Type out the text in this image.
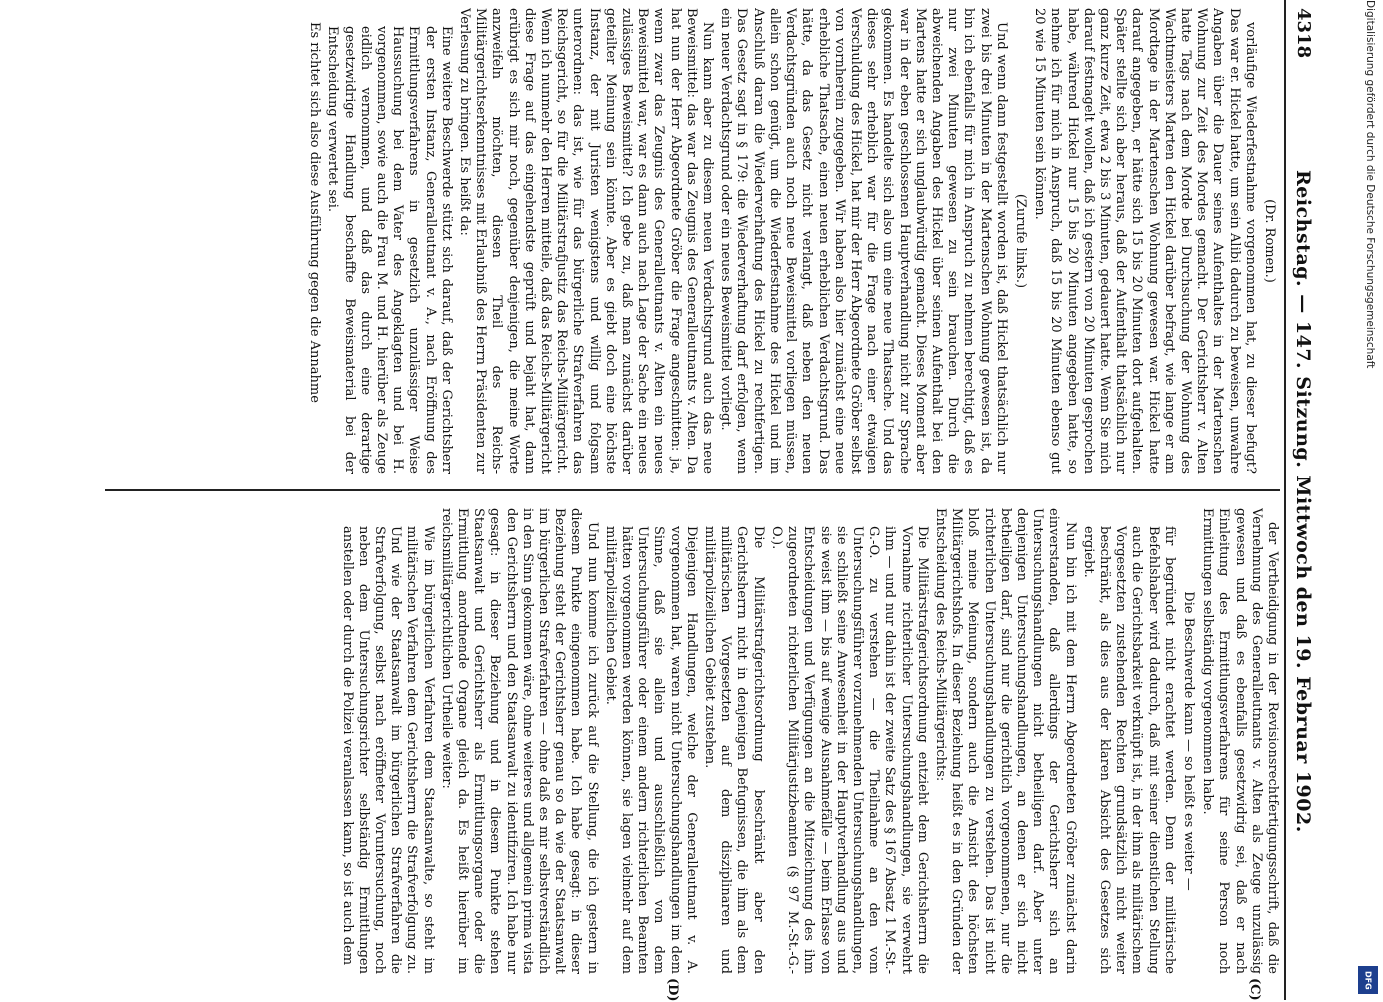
4318
Reichstag. — 147. Sitzung. Mittwoch den 19. Februar 1902.
(C)
(D)

(Dr. Romen.)

vorläufige Wiederfestnahme vorgenommen hat, zu dieser befugt? Das war er. Hickel hatte, um sein Alibi dadurch zu beweisen, unwahre Angaben über die Dauer seines Aufenthaltes in der Martenschen Wohnung zur Zeit des Mordes gemacht. Der Gerichtsherr v. Alten hatte Tags nach dem Morde bei Durchsuchung der Wohnung des Wachtmeisters Marten den Hickel darüber befragt, wie lange er am Mordtage in der Martenschen Wohnung gewesen war. Hickel hatte darauf angegeben, er hätte sich 15 bis 20 Minuten dort aufgehalten. Später stellte sich aber heraus, daß der Aufenthalt thatsächlich nur ganz kurze Zeit, etwa 2 bis 3 Minuten, gedauert hatte. Wenn Sie mich darauf festnagelt wollen, daß ich gestern von 20 Minuten gesprochen habe, während Hickel nur 15 bis 20 Minuten angegeben hatte, so nehme ich für mich in Anspruch, daß 15 bis 20 Minuten ebenso gut 20 wie 15 Minuten sein können.

(Zurufe links.)

Und wenn dann festgestellt worden ist, daß Hickel thatsächlich nur zwei bis drei Minuten in der Martenschen Wohnung gewesen ist, da bin ich ebenfalls für mich in Anspruch zu nehmen berechtigt, daß es nur zwei Minuten gewesen zu sein brauchen. Durch die abweichenden Angaben des Hickel über seinen Aufenthalt bei den Martens hatte er sich unglaubwürdig gemacht. Dieses Moment aber war in der eben geschlossenen Hauptverhandlung nicht zur Sprache gekommen. Es handelte sich also um eine neue Thatsache. Und das dieses sehr erheblich war für die Frage nach einer etwaigen Verschuldung des Hickel, hat mir der Herr Abgeordnete Gröber selbst von vornherein zugegeben. Wir haben also hier zunächst eine neue erhebliche Thatsache, einen neuen erheblichen Verdachtsgrund. Das hätte, da das Gesetz nicht verlangt, daß neben den neuen Verdachtsgründen auch noch neue Beweismittel vorliegen müssen, allein schon genügt, um die Wiederfestnahme des Hickel und im Anschluß daran die Wiederverhaftung des Hickel zu rechtfertigen. Das Gesetz sagt in § 179: die Wiederverhaftung darf erfolgen, wenn ein neuer Verdachtsgrund oder ein neues Beweismittel vorliegt.

Nun kann aber zu diesem neuen Verdachtsgrund auch das neue Beweismittel: das war das Zeugnis des Generalleutnants v. Alten. Da hat nun der Herr Abgeordnete Gröber die Frage angeschnitten: ja, wenn zwar das Zeugnis des Generalleutnants v. Alten ein neues Beweismittel war, war es dann auch nach Lage der Sache ein neues zulässiges Beweismittel? Ich gebe zu, daß man zunächst darüber geteilter Meinung sein könnte. Aber es giebt doch eine höchste Instanz, der mit Juristen wenigstens und willig und folgsam unterordnen: das ist, wie für das bürgerliche Strafverfahren das Reichsgericht, so für die Militärstrafjustiz das Reichs-Militärgericht. Wenn ich nunmehr den Herren mitteile, daß das Reichs-Militärgericht diese Frage auf das eingehendste geprüft und bejaht hat, dann erübrigt es sich mir noch, gegenüber denjenigen, die meine Worte anzweifeln möchten, diesen Theil des Reichs-Militärgerichtserkenntnisses mit Erlaubniß des Herrn Präsidenten zur Verlesung zu bringen. Es heißt da:

Eine weitere Beschwerde stützt sich darauf, daß der Gerichtsherr der ersten Instanz, Generalleutnant v. A., nach Eröffnung des Ermittlungsverfahrens in gesetzlich unzulässiger Weise Haussuchung bei dem Vater des Angeklagten und bei H. vorgenommen, sowie auch die Frau M. und H. hierüber als Zeuge eidlich vernommen, und daß das durch eine derartige gesetzwidrige Handlung beschaffte Beweismaterial bei der Entscheidung verwertet sei.

Es richtet sich also diese Ausführung gegen die Annahme

der Vertheidigung in der Revisionsrechtfertigungsschrift, daß die Vernehmung des Generalleutnants v. Alten als Zeuge unzulässig gewesen und daß es ebenfalls gesetzwidrig sei, daß er nach Einleitung des Ermittlungsverfahrens für seine Person noch Ermittlungen selbständig vorgenommen habe.

Die Beschwerde kann — so heißt es weiter —

für begründet nicht erachtet werden. Denn der militärische Befehlshaber wird dadurch, daß mit seiner dienstlichen Stellung auch die Gerichtsbarkeit verknüpft ist, in der ihm als militärischem Vorgesetzten zustehenden Rechten grundsätzlich nicht weiter beschränkt, als dies aus der klaren Absicht des Gesetzes sich ergiebt.

Nun bin ich mit dem Herrn Abgeordneten Gröber zunächst darin einverstanden, daß allerdings der Gerichtsherr sich an Untersuchungshandlungen nicht betheiligen darf. Aber unter denjenigen Untersuchungshandlungen, an denen er sich nicht betheiligen darf, sind nur die gerichtlich vorgenommenen, nur die richterlichen Untersuchungshandlungen zu verstehen. Das ist nicht bloß meine Meinung, sondern auch die Ansicht des höchsten Militärgerichtshofs. In dieser Beziehung heißt es in den Gründen der Entscheidung des Reichs-Militärgerichts:

Die Militärstrafgerichtsordnung entzieht dem Gerichtsherrn die Vornahme richterlicher Untersuchungshandlungen, sie verwehrt ihm — und nur dahin ist der zweite Satz des § 167 Absatz 1 M.-St.-G.-O. zu verstehen — die Theilnahme an den vom Untersuchungsführer vorzunehmenden Untersuchungshandlungen, sie schließt seine Anwesenheit in der Hauptverhandlung aus und sie weist ihm — bis auf wenige Ausnahmefälle — beim Erlasse von Entscheidungen und Verfügungen an die Mitzeichnung des ihm zugeordneten richterlichen Militärjustizbeamten (§ 97 M.-St.-G.-O.).

Die Militärstrafgerichtsordnung beschränkt aber den Gerichtsherrn nicht in denjenigen Befugnissen, die ihm als dem militärischen Vorgesetzten auf dem disziplinaren und militärpolizeilichen Gebiet zustehen.

Diejenigen Handlungen, welche der Generalleutnant v. A. vorgenommen hat, waren nicht Untersuchungshandlungen im dem Sinne, daß sie allein und ausschließlich von dem Untersuchungsführer oder einem andern richterlichen Beamten hätten vorgenommen werden können, sie lagen vielmehr auf dem militärpolizeilichen Gebiet.

Und nun komme ich zurück auf die Stellung, die ich gestern in diesem Punkte eingenommen habe. Ich habe gesagt: in dieser Beziehung steht der Gerichtsherr genau so da wie der Staatsanwalt im bürgerlichen Strafverfahren — ohne daß es mir selbstverständlich in den Sinn gekommen wäre, ohne weiteres und allgemein prima vista den Gerichtsherrn und den Staatsanwalt zu identifiziren. Ich habe nur gesagt: in dieser Beziehung und in diesem Punkte stehen Staatsanwalt und Gerichtsherr als Ermittlungsorgane oder die Ermittlung anordnende Organe gleich da. Es heißt hierüber im reichsmilitärgerichtlichen Urtheile weiter:

Wie im bürgerlichen Verfahren dem Staatsanwalte, so steht im militärischen Verfahren dem Gerichtsherrn die Strafverfolgung zu. Und wie der Staatsanwalt im bürgerlichen Strafverfahren die Strafverfolgung, selbst nach eröffneter Voruntersuchung, noch neben dem Untersuchungsrichter selbständig Ermittlungen anstellen oder durch die Polizei veranlassen kann, so ist auch dem

Digitalisierung gefördert durch die Deutsche Forschungsgemeinschaft
DFG
